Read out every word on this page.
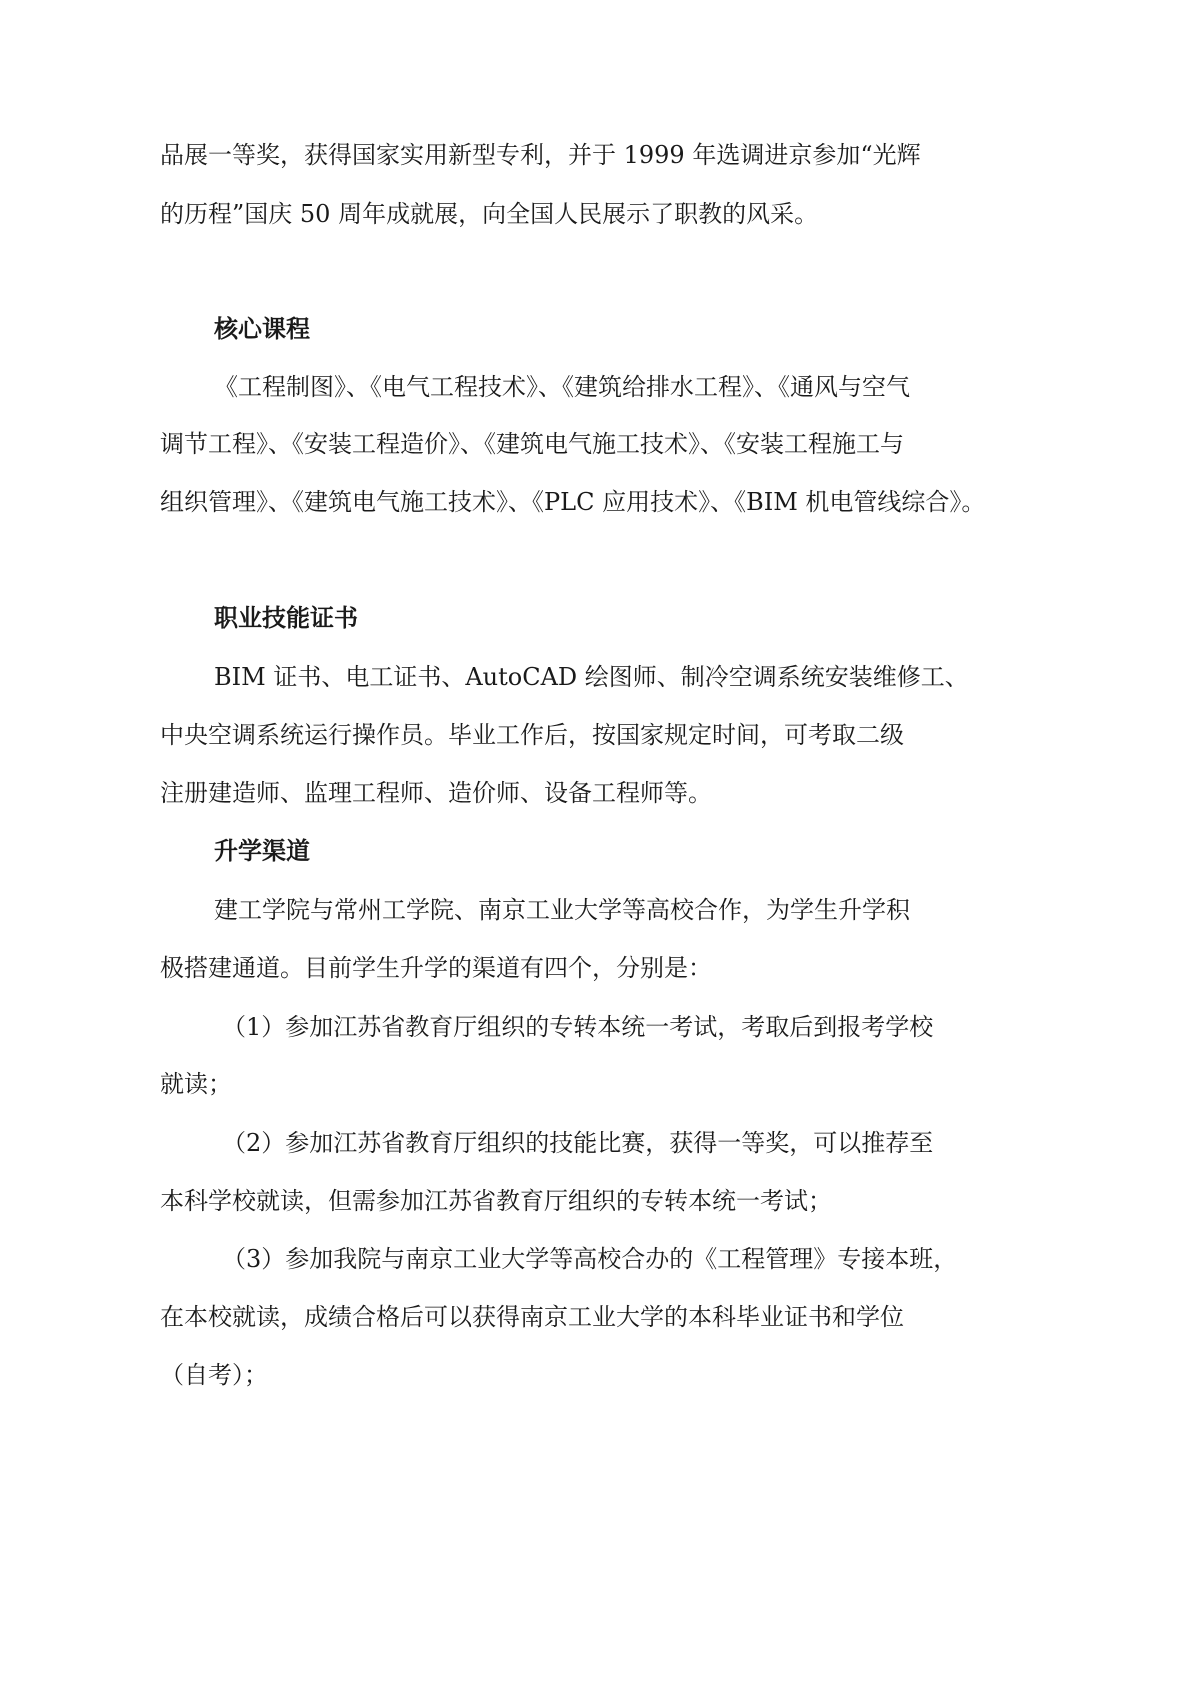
品展一等奖，获得国家实用新型专利，并于 1999 年选调进京参加“光辉
的历程”国庆 50 周年成就展，向全国人民展示了职教的风采。
核心课程
《工程制图》、《电气工程技术》、《建筑给排水工程》、《通风与空气
调节工程》、《安装工程造价》、《建筑电气施工技术》、《安装工程施工与
组织管理》、《建筑电气施工技术》、《PLC 应用技术》、《BIM 机电管线综合》。
职业技能证书
BIM 证书、电工证书、AutoCAD 绘图师、制冷空调系统安装维修工、
中央空调系统运行操作员。毕业工作后，按国家规定时间，可考取二级
注册建造师、监理工程师、造价师、设备工程师等。
升学渠道
建工学院与常州工学院、南京工业大学等高校合作，为学生升学积
极搭建通道。目前学生升学的渠道有四个，分别是：
（1）参加江苏省教育厅组织的专转本统一考试，考取后到报考学校
就读；
（2）参加江苏省教育厅组织的技能比赛，获得一等奖，可以推荐至
本科学校就读，但需参加江苏省教育厅组织的专转本统一考试；
（3）参加我院与南京工业大学等高校合办的《工程管理》专接本班，
在本校就读，成绩合格后可以获得南京工业大学的本科毕业证书和学位
（自考）；
